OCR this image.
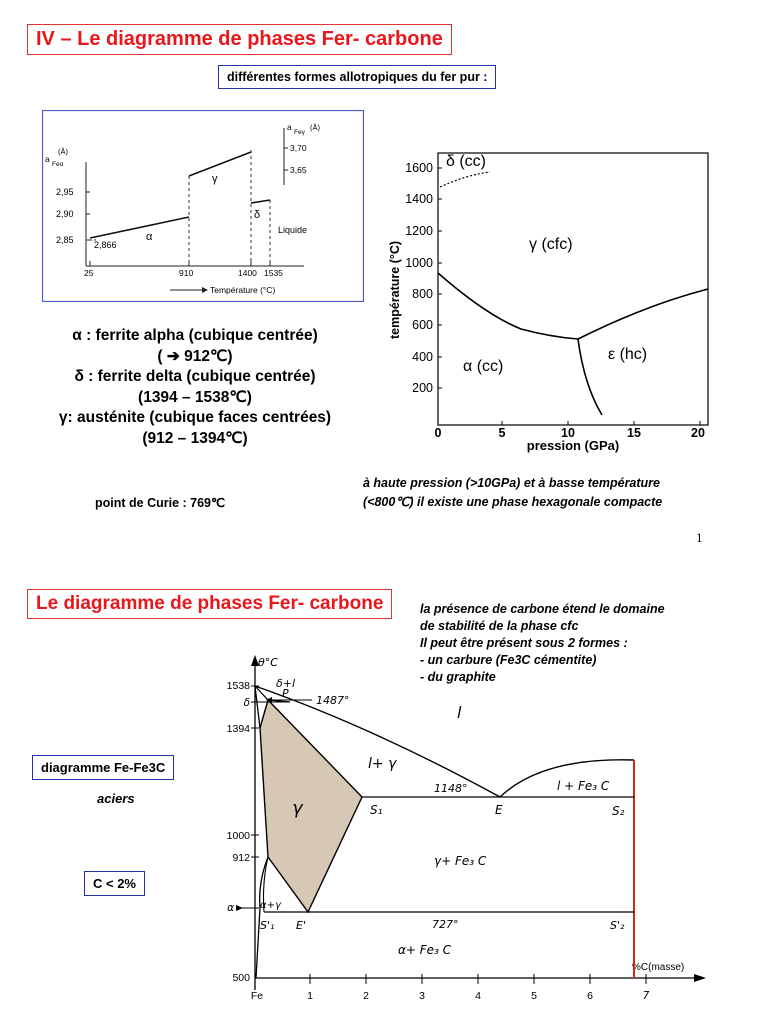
IV – Le diagramme de phases Fer- carbone
différentes formes allotropiques du fer pur :
a
Feα
(Å)
2,95
2,90
2,85
25	910	1400 1535
Température (°C)
a
Feγ
(Å)
3,70
3,65
2,866
α
γ
δ
Liquide
α : ferrite alpha (cubique centrée)
( ➔ 912℃)
δ : ferrite delta (cubique centrée)
(1394 – 1538℃)
γ: austénite (cubique faces centrées)
(912 – 1394℃)
point de Curie : 769℃
1600
1400
1200
1000
800
600
400
200
0	5	10	15	20
pression (GPa)
température (°C)
δ (cc)
γ (cfc)
α (cc)
ε (hc)
à haute pression (>10GPa) et à basse température
(<800℃) il existe une phase hexagonale compacte
1
Le diagramme de phases Fer- carbone	la présence de carbone étend le domaine
de stabilité de la phase cfc
Il peut être présent sous 2 formes :
- un carbure (Fe3C cémentite)
- du graphite
diagramme Fe-Fe3C
aciers
C < 2%
θ°C
1538
δ
1394
1000
912
α
500
Fe	1	2	3	4	5	6	7
%C(masse)
1487°
P
δ+l
l
l+ γ
l + Fe₃ C
1148°
S₁	E	S₂
γ
γ+ Fe₃ C
α+γ
S'₁ E'	727°	S'₂
α+ Fe₃ C
